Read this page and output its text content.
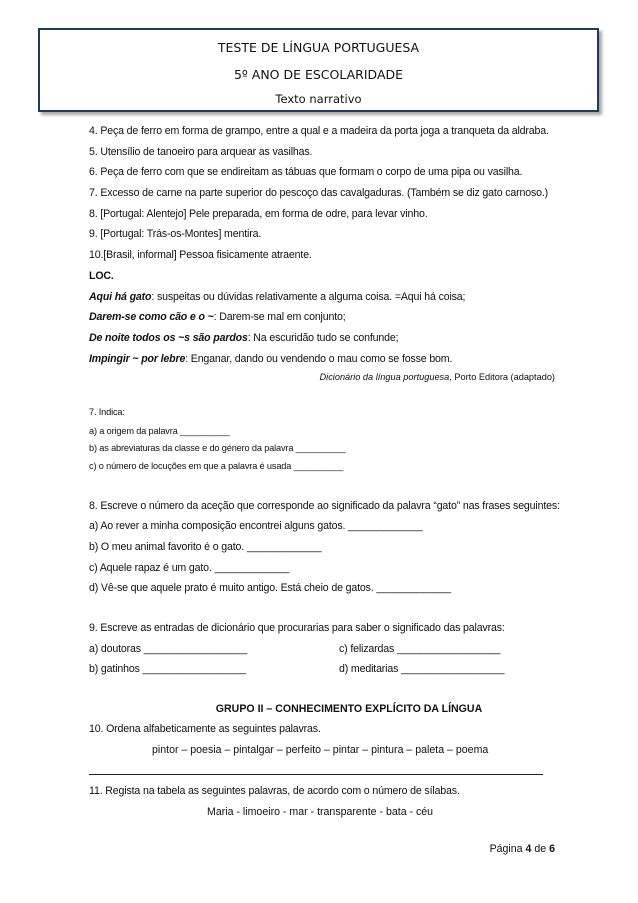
TESTE DE LÍNGUA PORTUGUESA
5º ANO DE ESCOLARIDADE
Texto narrativo
4. Peça de ferro em forma de grampo, entre a qual e a madeira da porta joga a tranqueta da aldraba.
5. Utensílio de tanoeiro para arquear as vasilhas.
6. Peça de ferro com que se endireitam as tábuas que formam o corpo de uma pipa ou vasilha.
7. Excesso de carne na parte superior do pescoço das cavalgaduras. (Também se diz gato carnoso.)
8. [Portugal: Alentejo] Pele preparada, em forma de odre, para levar vinho.
9. [Portugal: Trás-os-Montes] mentira.
10.[Brasil, informal] Pessoa fisicamente atraente.
LOC.
Aqui há gato: suspeitas ou dúvidas relativamente a alguma coisa. =Aqui há coisa;
Darem-se como cão e o ~: Darem-se mal em conjunto;
De noite todos os ~s são pardos: Na escuridão tudo se confunde;
Impingir ~ por lebre: Enganar, dando ou vendendo o mau como se fosse bom.
Dicionário da língua portuguesa, Porto Editora (adaptado)
7. Indica:
a) a origem da palavra __________
b) as abreviaturas da classe e do género da palavra __________
c) o número de locuções em que a palavra é usada __________
8. Escreve o número da aceção que corresponde ao significado da palavra “gato” nas frases seguintes:
a) Ao rever a minha composição encontrei alguns gatos. _____________
b) O meu animal favorito é o gato. _____________
c) Aquele rapaz é um gato. _____________
d) Vê-se que aquele prato é muito antigo. Está cheio de gatos. _____________
9. Escreve as entradas de dicionário que procurarias para saber o significado das palavras:
a) doutoras __________________	c) felizardas __________________
b) gatinhos __________________	d) meditarias __________________
GRUPO II – CONHECIMENTO EXPLÍCITO DA LÍNGUA
10. Ordena alfabeticamente as seguintes palavras.
pintor – poesia – pintalgar – perfeito – pintar – pintura – paleta – poema
11. Regista na tabela as seguintes palavras, de acordo com o número de sílabas.
Maria - limoeiro - mar - transparente - bata - céu
Página 4 de 6
